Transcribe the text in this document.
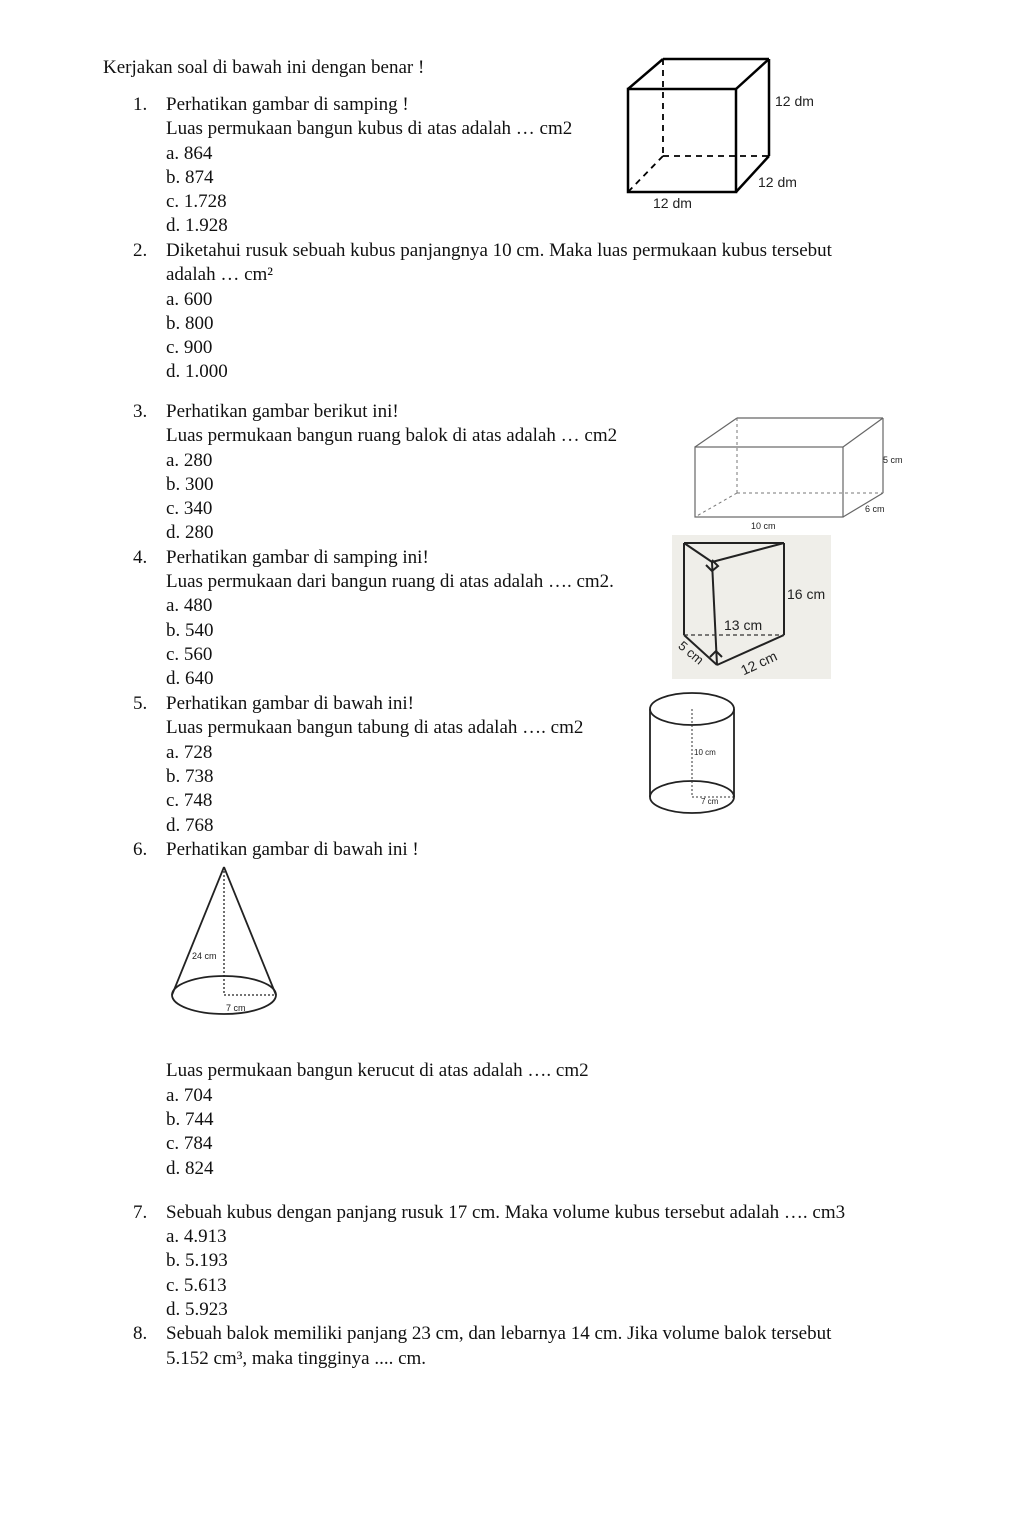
Kerjakan soal di bawah ini dengan benar !
1. Perhatikan gambar di samping !
Luas permukaan bangun kubus di atas adalah … cm2
a. 864
b. 874
c. 1.728
d. 1.928
12 dm
12 dm
12 dm
2. Diketahui rusuk sebuah kubus panjangnya 10 cm. Maka luas permukaan kubus tersebut
adalah … cm²
a. 600
b. 800
c. 900
d. 1.000
3. Perhatikan gambar berikut ini!
Luas permukaan bangun ruang balok di atas adalah … cm2
a. 280
b. 300
c. 340
d. 280
5 cm
6 cm
10 cm
4. Perhatikan gambar di samping ini!
Luas permukaan dari bangun ruang di atas adalah …. cm2.
a. 480
b. 540
c. 560
d. 640
16 cm
13 cm
5 cm 12 cm
5. Perhatikan gambar di bawah ini!
Luas permukaan bangun tabung di atas adalah …. cm2
a. 728
b. 738
c. 748
d. 768
10 cm
7 cm
6. Perhatikan gambar di bawah ini !
24 cm
7 cm
Luas permukaan bangun kerucut di atas adalah …. cm2
a. 704
b. 744
c. 784
d. 824
7. Sebuah kubus dengan panjang rusuk 17 cm. Maka volume kubus tersebut adalah …. cm3
a. 4.913
b. 5.193
c. 5.613
d. 5.923
8. Sebuah balok memiliki panjang 23 cm, dan lebarnya 14 cm. Jika volume balok tersebut
5.152 cm³, maka tingginya .... cm.
